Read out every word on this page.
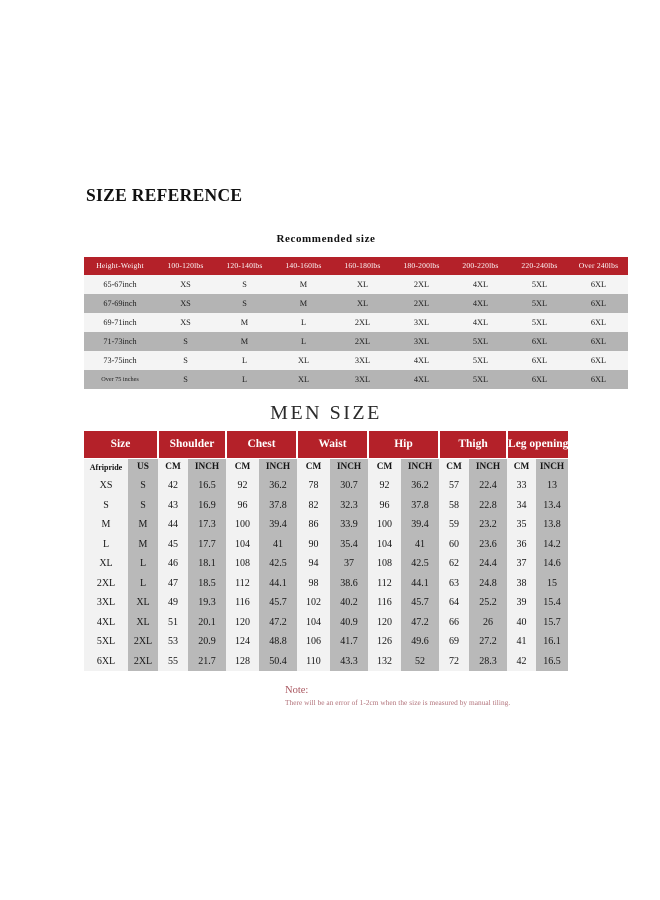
SIZE REFERENCE
Recommended size
Height-Weight	100-120lbs	120-140lbs	140-160lbs	160-180lbs	180-200lbs	200-220lbs	220-240lbs	Over 240lbs
65-67inch	XS	S	M	XL	2XL	4XL	5XL	6XL
67-69inch	XS	S	M	XL	2XL	4XL	5XL	6XL
69-71inch	XS	M	L	2XL	3XL	4XL	5XL	6XL
71-73inch	S	M	L	2XL	3XL	5XL	6XL	6XL
73-75inch	S	L	XL	3XL	4XL	5XL	6XL	6XL
Over 75 inches	S	L	XL	3XL	4XL	5XL	6XL	6XL
MEN SIZE
Size		Shoulder		Chest		Waist		Hip		Thigh		Leg opening	
Afripride	US	CM	INCH	CM	INCH	CM	INCH	CM	INCH	CM	INCH	CM	INCH
XS	S	42	16.5	92	36.2	78	30.7	92	36.2	57	22.4	33	13
S	S	43	16.9	96	37.8	82	32.3	96	37.8	58	22.8	34	13.4
M	M	44	17.3	100	39.4	86	33.9	100	39.4	59	23.2	35	13.8
L	M	45	17.7	104	41	90	35.4	104	41	60	23.6	36	14.2
XL	L	46	18.1	108	42.5	94	37	108	42.5	62	24.4	37	14.6
2XL	L	47	18.5	112	44.1	98	38.6	112	44.1	63	24.8	38	15
3XL	XL	49	19.3	116	45.7	102	40.2	116	45.7	64	25.2	39	15.4
4XL	XL	51	20.1	120	47.2	104	40.9	120	47.2	66	26	40	15.7
5XL	2XL	53	20.9	124	48.8	106	41.7	126	49.6	69	27.2	41	16.1
6XL	2XL	55	21.7	128	50.4	110	43.3	132	52	72	28.3	42	16.5
Note:
There will be an error of 1-2cm when the size is measured by manual tiling.
